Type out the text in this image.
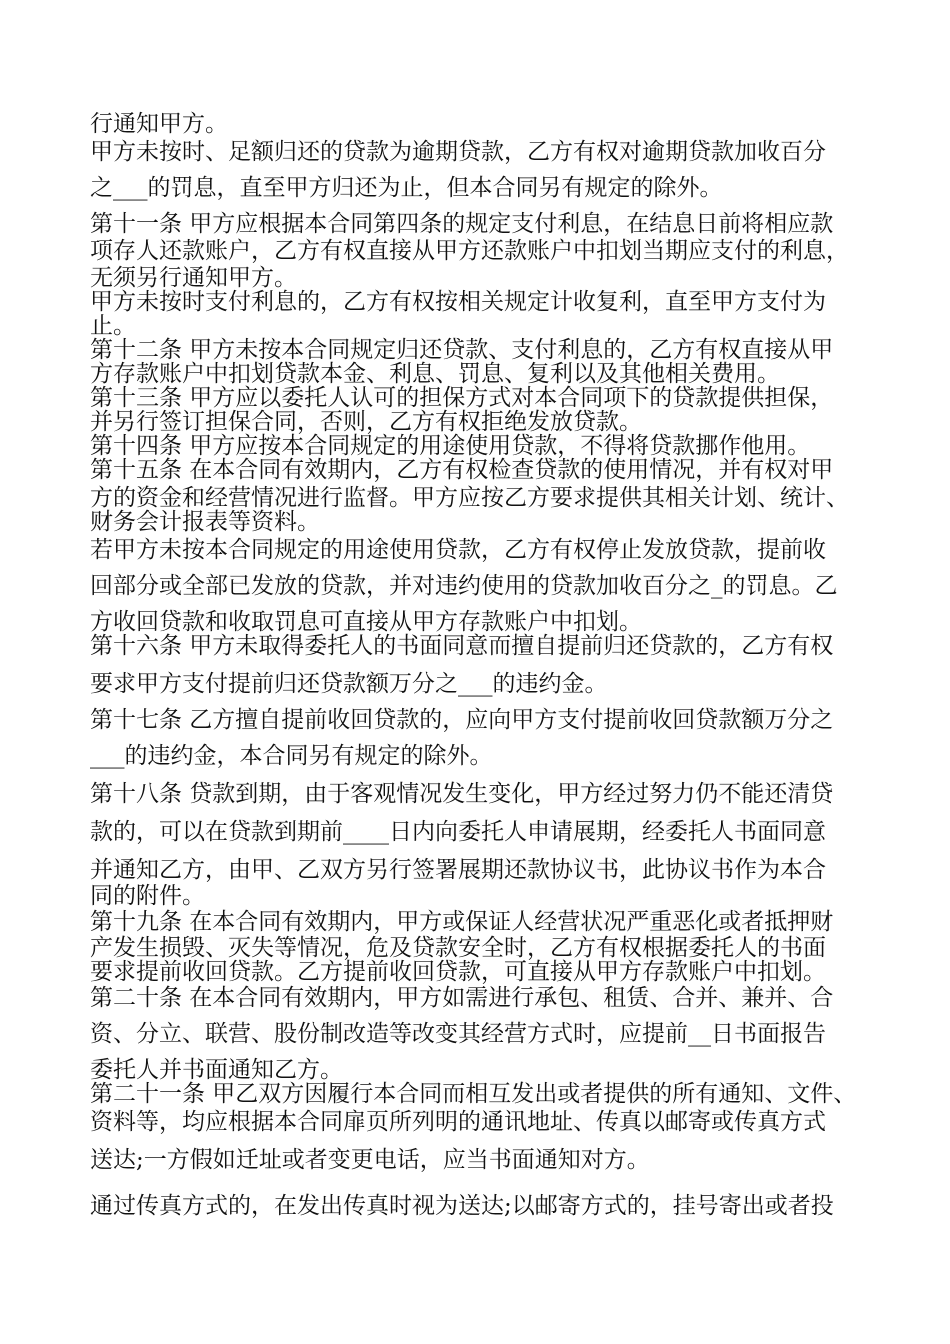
行通知甲方。

甲方未按时、足额归还的贷款为逾期贷款，乙方有权对逾期贷款加收百分

之___的罚息，直至甲方归还为止，但本合同另有规定的除外。

第十一条 甲方应根据本合同第四条的规定支付利息，在结息日前将相应款

项存人还款账户，乙方有权直接从甲方还款账户中扣划当期应支付的利息，

无须另行通知甲方。

甲方未按时支付利息的，乙方有权按相关规定计收复利，直至甲方支付为

止。

第十二条 甲方未按本合同规定归还贷款、支付利息的，乙方有权直接从甲

方存款账户中扣划贷款本金、利息、罚息、复利以及其他相关费用。

第十三条 甲方应以委托人认可的担保方式对本合同项下的贷款提供担保，

并另行签订担保合同，否则，乙方有权拒绝发放贷款。

第十四条 甲方应按本合同规定的用途使用贷款，不得将贷款挪作他用。

第十五条 在本合同有效期内，乙方有权检查贷款的使用情况，并有权对甲

方的资金和经营情况进行监督。甲方应按乙方要求提供其相关计划、统计、

财务会计报表等资料。

若甲方未按本合同规定的用途使用贷款，乙方有权停止发放贷款，提前收

回部分或全部已发放的贷款，并对违约使用的贷款加收百分之_的罚息。乙

方收回贷款和收取罚息可直接从甲方存款账户中扣划。

第十六条 甲方未取得委托人的书面同意而擅自提前归还贷款的，乙方有权

要求甲方支付提前归还贷款额万分之___的违约金。

第十七条 乙方擅自提前收回贷款的，应向甲方支付提前收回贷款额万分之

___的违约金，本合同另有规定的除外。

第十八条 贷款到期，由于客观情况发生变化，甲方经过努力仍不能还清贷

款的，可以在贷款到期前____日内向委托人申请展期，经委托人书面同意

并通知乙方，由甲、乙双方另行签署展期还款协议书，此协议书作为本合

同的附件。

第十九条 在本合同有效期内，甲方或保证人经营状况严重恶化或者抵押财

产发生损毁、灭失等情况，危及贷款安全时，乙方有权根据委托人的书面

要求提前收回贷款。乙方提前收回贷款，可直接从甲方存款账户中扣划。

第二十条 在本合同有效期内，甲方如需进行承包、租赁、合并、兼并、合

资、分立、联营、股份制改造等改变其经营方式时，应提前__日书面报告

委托人并书面通知乙方。

第二十一条 甲乙双方因履行本合同而相互发出或者提供的所有通知、文件、

资料等，均应根据本合同扉页所列明的通讯地址、传真以邮寄或传真方式

送达;一方假如迁址或者变更电话，应当书面通知对方。

通过传真方式的，在发出传真时视为送达;以邮寄方式的，挂号寄出或者投
